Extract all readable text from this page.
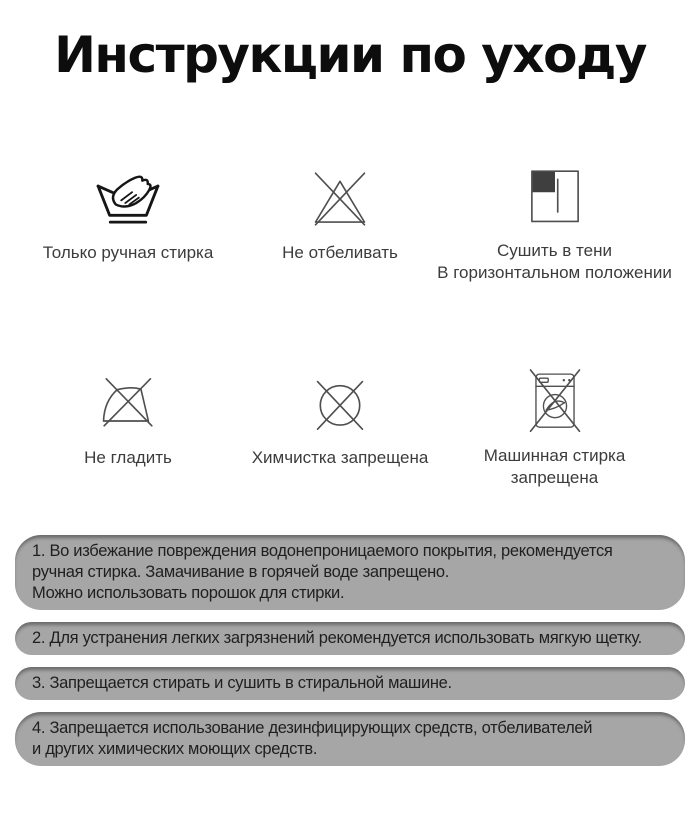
Инструкции по уходу
Только ручная стирка	Не отбеливать	Сушить в тени
В горизонтальном положении
Не гладить	Химчистка запрещена	Машинная стирка
запрещена
1. Во избежание повреждения водонепроницаемого покрытия, рекомендуется
ручная стирка. Замачивание в горячей воде запрещено.
Можно использовать порошок для стирки.
2. Для устранения легких загрязнений рекомендуется использовать мягкую щетку.
3. Запрещается стирать и сушить в стиральной машине.
4. Запрещается использование дезинфицирующих средств, отбеливателей
и других химических моющих средств.
